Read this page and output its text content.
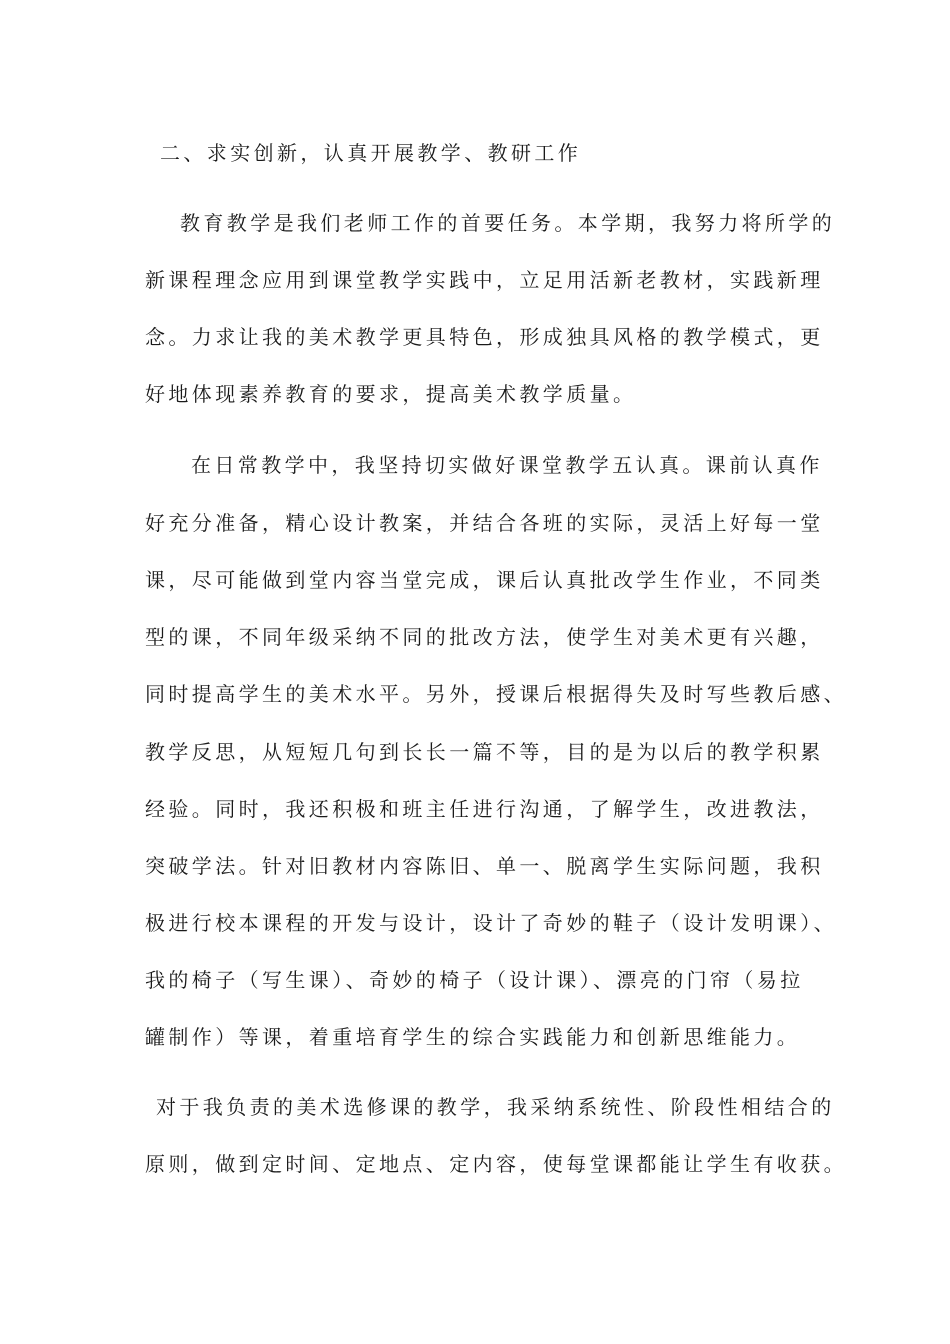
二、求实创新，认真开展教学、教研工作
教育教学是我们老师工作的首要任务。本学期，我努力将所学的
新课程理念应用到课堂教学实践中，立足用活新老教材，实践新理
念。力求让我的美术教学更具特色，形成独具风格的教学模式，更
好地体现素养教育的要求，提高美术教学质量。
在日常教学中，我坚持切实做好课堂教学五认真。课前认真作
好充分准备，精心设计教案，并结合各班的实际，灵活上好每一堂
课，尽可能做到堂内容当堂完成，课后认真批改学生作业，不同类
型的课，不同年级采纳不同的批改方法，使学生对美术更有兴趣，
同时提高学生的美术水平。另外，授课后根据得失及时写些教后感、
教学反思，从短短几句到长长一篇不等，目的是为以后的教学积累
经验。同时，我还积极和班主任进行沟通，了解学生，改进教法，
突破学法。针对旧教材内容陈旧、单一、脱离学生实际问题，我积
极进行校本课程的开发与设计，设计了奇妙的鞋子（设计发明课）、
我的椅子（写生课）、奇妙的椅子（设计课）、漂亮的门帘（易拉
罐制作）等课，着重培育学生的综合实践能力和创新思维能力。
对于我负责的美术选修课的教学，我采纳系统性、阶段性相结合的
原则，做到定时间、定地点、定内容，使每堂课都能让学生有收获。
